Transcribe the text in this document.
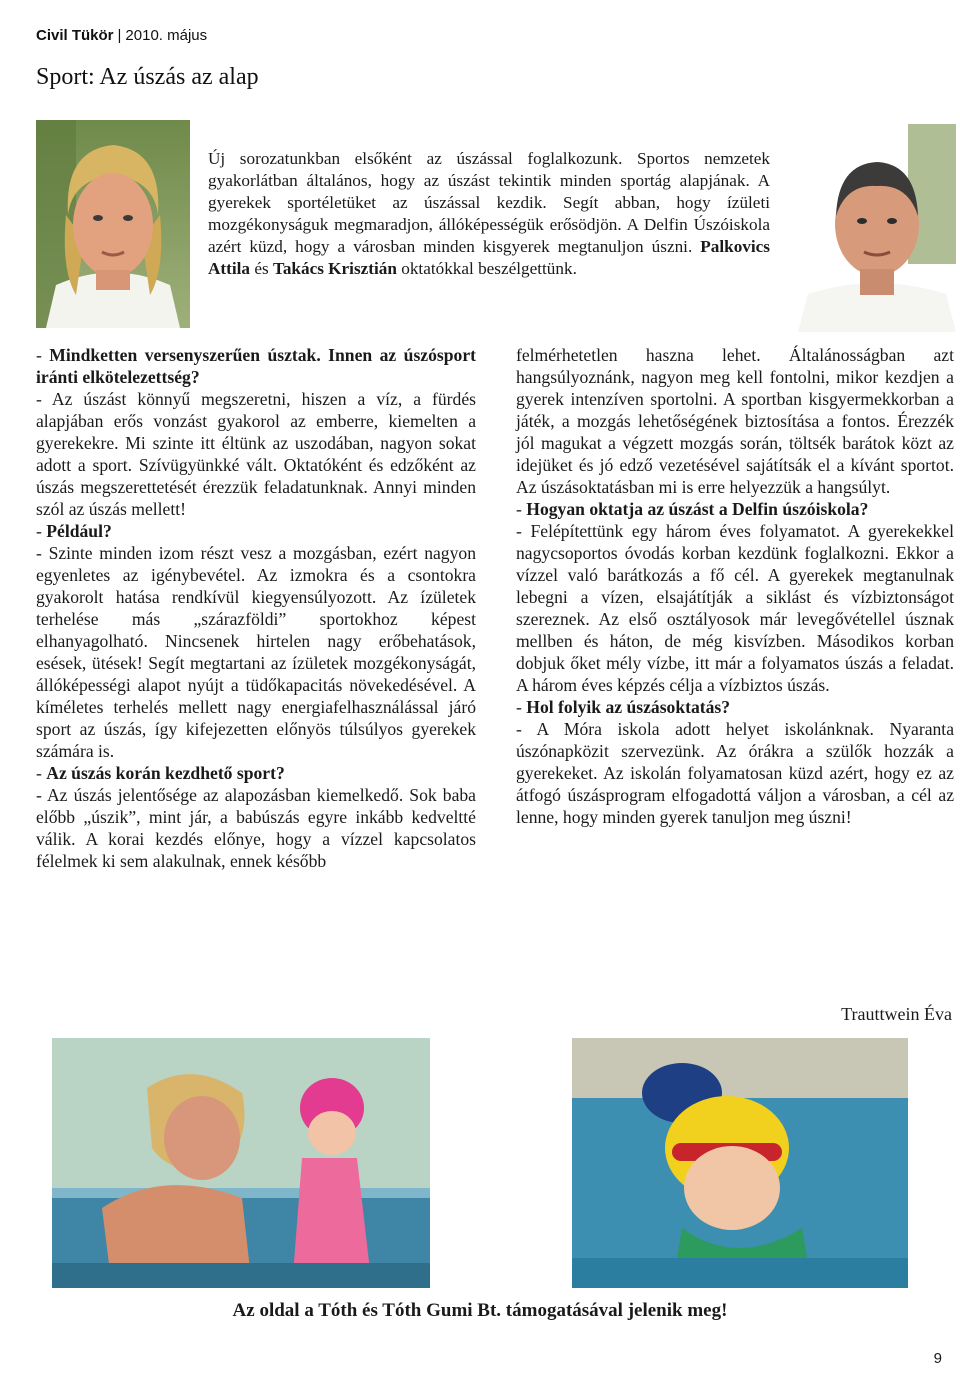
Civil Tükör | 2010. május
Sport: Az úszás az alap
Új sorozatunkban elsőként az úszással foglalkozunk. Sportos nemzetek gyakorlátban általános, hogy az úszást tekintik minden sportág alapjának. A gyerekek sportéletüket az úszással kezdik. Segít abban, hogy ízületi mozgékonyságuk megmaradjon, állóképességük erősödjön. A Delfin Úszóiskola azért küzd, hogy a városban minden kisgyerek megtanuljon úszni. Palkovics Attila és Takács Krisztián oktatókkal beszélgettünk.

- Mindketten versenyszerűen úsztak. Innen az úszósport iránti elkötelezettség?

- Az úszást könnyű megszeretni, hiszen a víz, a fürdés alapjában erős vonzást gyakorol az emberre, kiemelten a gyerekekre. Mi szinte itt éltünk az uszodában, nagyon sokat adott a sport. Szívügyünkké vált. Oktatóként és edzőként az úszás megszerettetését érezzük feladatunknak. Annyi minden szól az úszás mellett!

- Például?

- Szinte minden izom részt vesz a mozgásban, ezért nagyon egyenletes az igénybevétel. Az izmokra és a csontokra gyakorolt hatása rendkívül kiegyensúlyozott. Az ízületek terhelése más „szárazföldi” sportokhoz képest elhanyagolható. Nincsenek hirtelen nagy erőbehatások, esések, ütések! Segít megtartani az ízületek mozgékonyságát, állóképességi alapot nyújt a tüdőkapacitás növekedésével. A kíméletes terhelés mellett nagy energiafelhasználással járó sport az úszás, így kifejezetten előnyös túlsúlyos gyerekek számára is.

- Az úszás korán kezdhető sport?

- Az úszás jelentősége az alapozásban kiemelkedő. Sok baba előbb „úszik”, mint jár, a babúszás egyre inkább kedveltté válik. A korai kezdés előnye, hogy a vízzel kapcsolatos félelmek ki sem alakulnak, ennek később

felmérhetetlen haszna lehet. Általánosságban azt hangsúlyoznánk, nagyon meg kell fontolni, mikor kezdjen a gyerek intenzíven sportolni. A sportban kisgyermekkorban a játék, a mozgás lehetőségének biztosítása a fontos. Érezzék jól magukat a végzett mozgás során, töltsék barátok közt az idejüket és jó edző vezetésével sajátítsák el a kívánt sportot. Az úszásoktatásban mi is erre helyezzük a hangsúlyt.

- Hogyan oktatja az úszást a Delfin úszóiskola?

- Felépítettünk egy három éves folyamatot. A gyerekekkel nagycsoportos óvodás korban kezdünk foglalkozni. Ekkor a vízzel való barátkozás a fő cél. A gyerekek megtanulnak lebegni a vízen, elsajátítják a siklást és vízbiztonságot szereznek. Az első osztályosok már levegővétellel úsznak mellben és háton, de még kisvízben. Másodikos korban dobjuk őket mély vízbe, itt már a folyamatos úszás a feladat. A három éves képzés célja a vízbiztos úszás.

- Hol folyik az úszásoktatás?

- A Móra iskola adott helyet iskolánknak. Nyaranta úszónapközit szervezünk. Az órákra a szülők hozzák a gyerekeket. Az iskolán folyamatosan küzd azért, hogy ez az átfogó úszásprogram elfogadottá váljon a városban, a cél az lenne, hogy minden gyerek tanuljon meg úszni!

Trauttwein Éva
Az oldal a Tóth és Tóth Gumi Bt. támogatásával jelenik meg!
9
